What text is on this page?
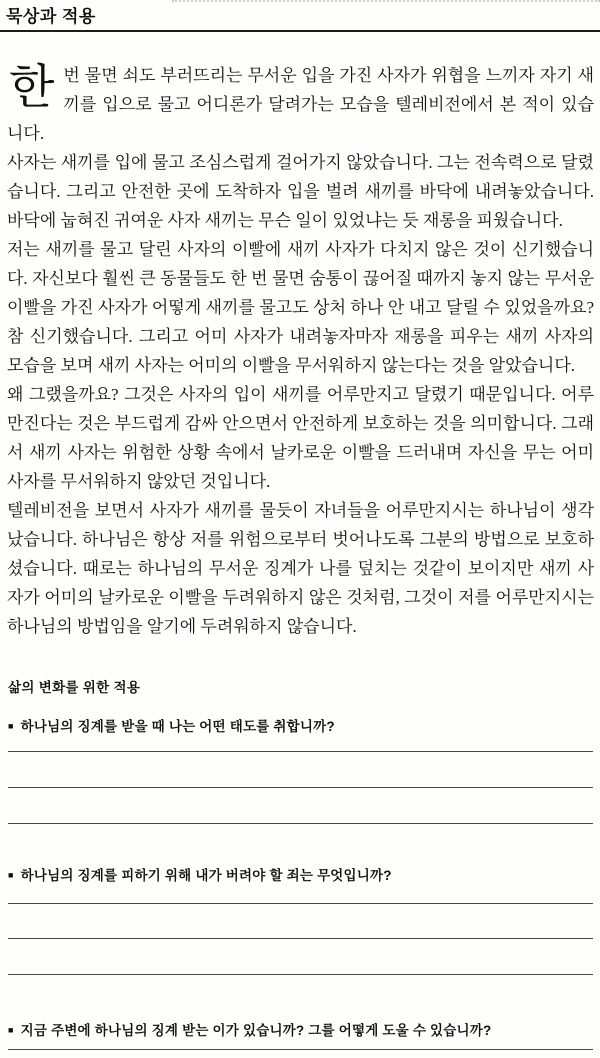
묵상과 적용

한번 물면 쇠도 부러뜨리는 무서운 입을 가진 사자가 위협을 느끼자 자기 새끼를 입으로 물고 어디론가 달려가는 모습을 텔레비전에서 본 적이 있습니다.

사자는 새끼를 입에 물고 조심스럽게 걸어가지 않았습니다. 그는 전속력으로 달렸습니다. 그리고 안전한 곳에 도착하자 입을 벌려 새끼를 바닥에 내려놓았습니다. 바닥에 눕혀진 귀여운 사자 새끼는 무슨 일이 있었냐는 듯 재롱을 피웠습니다.

저는 새끼를 물고 달린 사자의 이빨에 새끼 사자가 다치지 않은 것이 신기했습니다. 자신보다 훨씬 큰 동물들도 한 번 물면 숨통이 끊어질 때까지 놓지 않는 무서운 이빨을 가진 사자가 어떻게 새끼를 물고도 상처 하나 안 내고 달릴 수 있었을까요? 참 신기했습니다. 그리고 어미 사자가 내려놓자마자 재롱을 피우는 새끼 사자의 모습을 보며 새끼 사자는 어미의 이빨을 무서워하지 않는다는 것을 알았습니다.

왜 그랬을까요? 그것은 사자의 입이 새끼를 어루만지고 달렸기 때문입니다. 어루만진다는 것은 부드럽게 감싸 안으면서 안전하게 보호하는 것을 의미합니다. 그래서 새끼 사자는 위험한 상황 속에서 날카로운 이빨을 드러내며 자신을 무는 어미 사자를 무서워하지 않았던 것입니다.

텔레비전을 보면서 사자가 새끼를 물듯이 자녀들을 어루만지시는 하나님이 생각났습니다. 하나님은 항상 저를 위험으로부터 벗어나도록 그분의 방법으로 보호하셨습니다. 때로는 하나님의 무서운 징계가 나를 덮치는 것같이 보이지만 새끼 사자가 어미의 날카로운 이빨을 두려워하지 않은 것처럼, 그것이 저를 어루만지시는 하나님의 방법임을 알기에 두려워하지 않습니다.

삶의 변화를 위한 적용
■ 하나님의 징계를 받을 때 나는 어떤 태도를 취합니까?
■ 하나님의 징계를 피하기 위해 내가 버려야 할 죄는 무엇입니까?
■ 지금 주변에 하나님의 징계 받는 이가 있습니까? 그를 어떻게 도울 수 있습니까?
